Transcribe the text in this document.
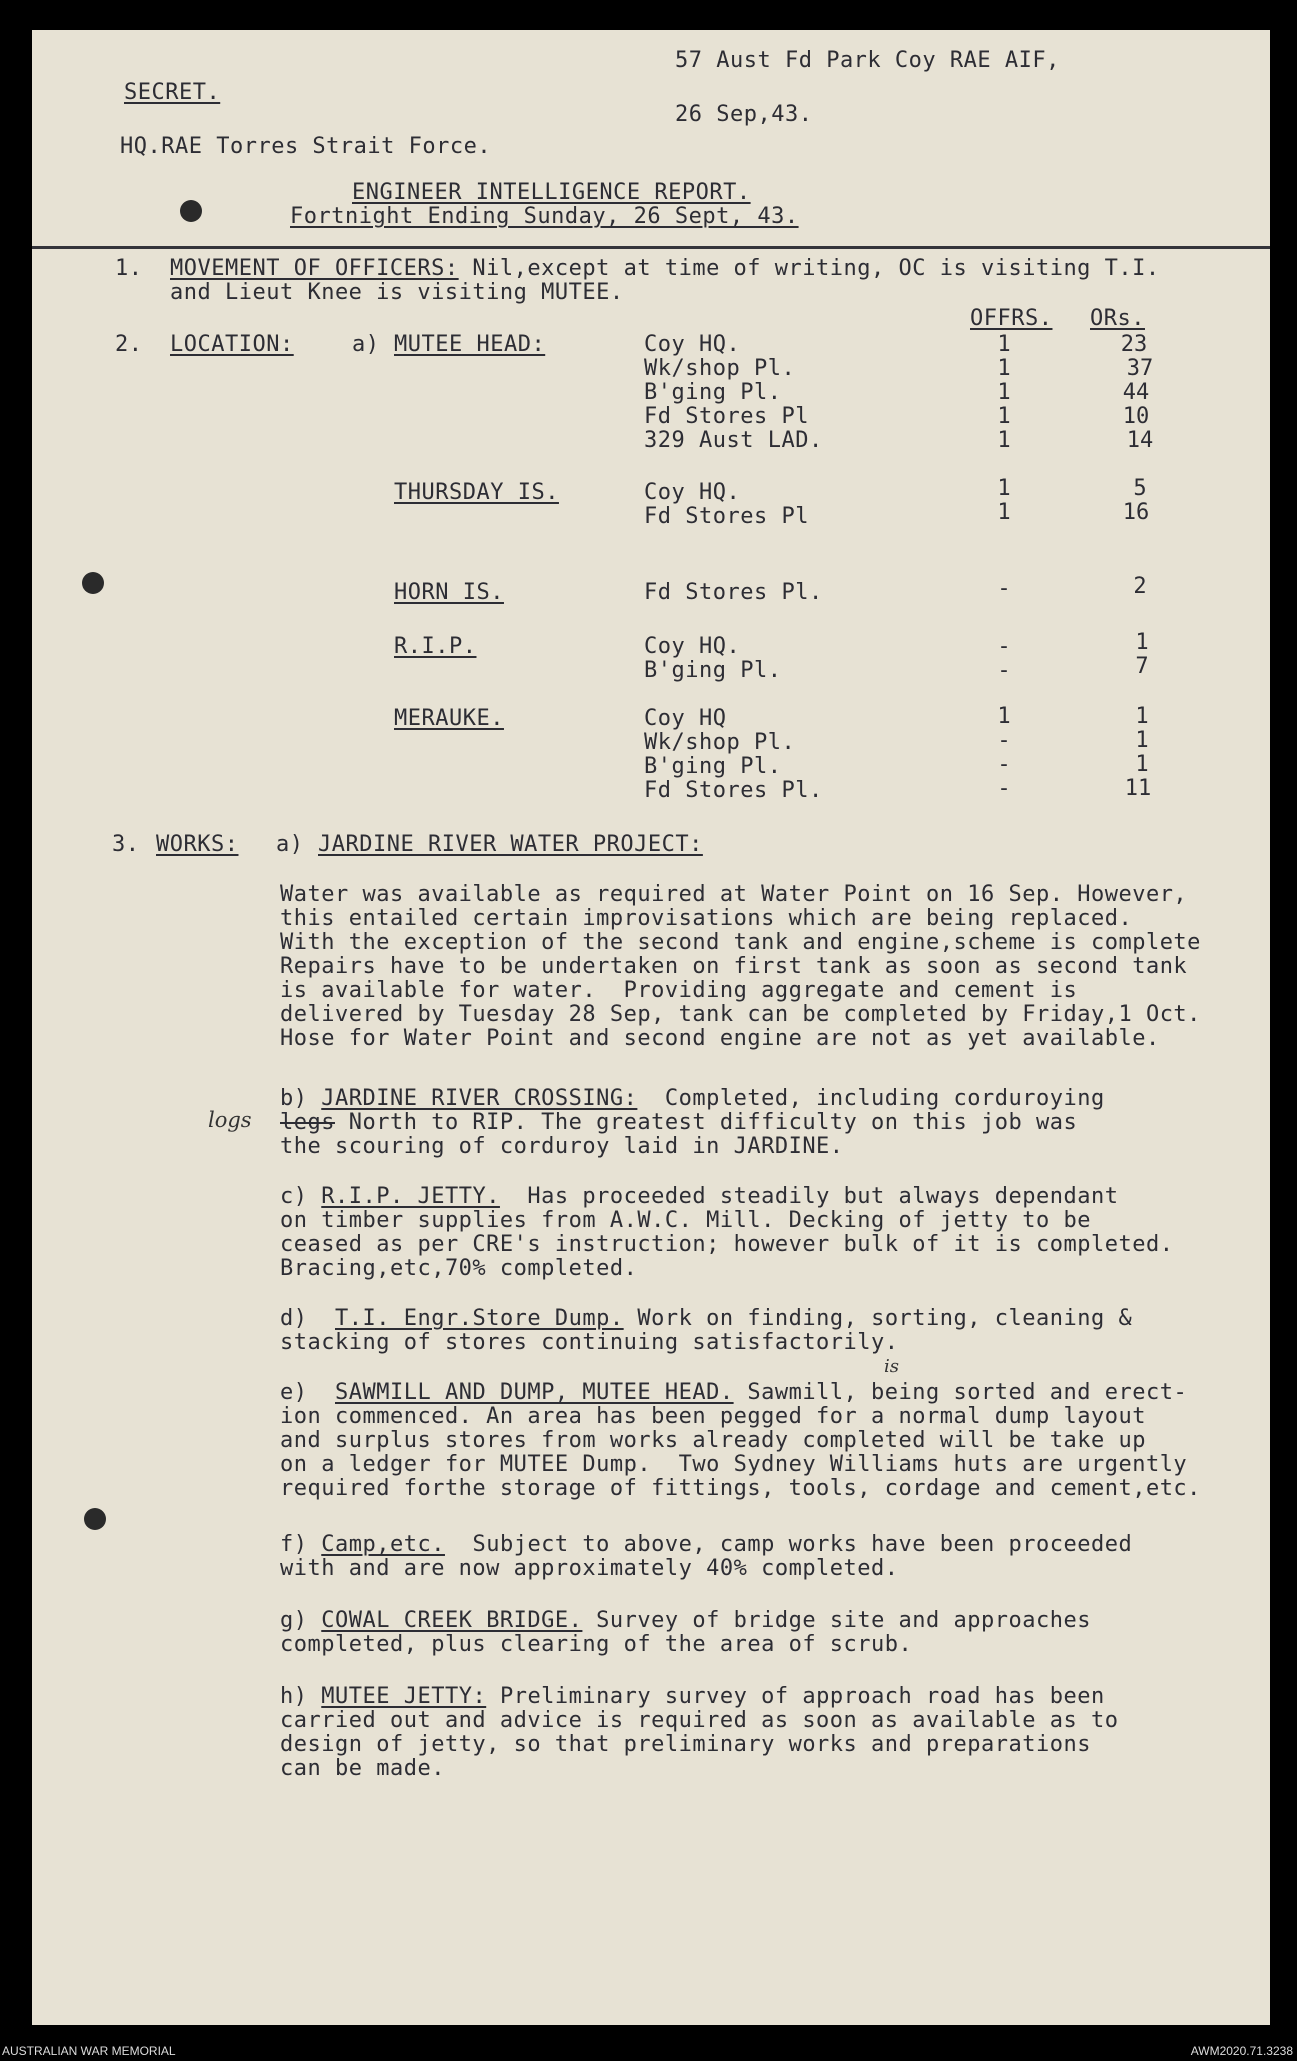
57 Aust Fd Park Coy RAE AIF,
SECRET.
26 Sep,43.
HQ.RAE Torres Strait Force.
ENGINEER INTELLIGENCE REPORT.
Fortnight Ending Sunday, 26 Sept, 43.
1. MOVEMENT OF OFFICERS: Nil,except at time of writing, OC is visiting T.I.
and Lieut Knee is visiting MUTEE.
2. LOCATION:
OFFRS. ORs.
a) MUTEE HEAD:	Coy HQ.	1	23
Wk/shop Pl.	1	37
B'ging Pl.	1	44
Fd Stores Pl	1	10
329 Aust LAD.	1	14
THURSDAY IS.	Coy HQ.	1	5
Fd Stores Pl	1	16
HORN IS.	Fd Stores Pl.	-	2
R.I.P.	Coy HQ.	-	1
B'ging Pl.	-	7
MERAUKE.	Coy HQ	1	1
Wk/shop Pl.	-	1
B'ging Pl.	-	1
Fd Stores Pl.	-	11
3. WORKS: a) JARDINE RIVER WATER PROJECT:
Water was available as required at Water Point on 16 Sep. However,
this entailed certain improvisations which are being replaced.
With the exception of the second tank and engine,scheme is complete
Repairs have to be undertaken on first tank as soon as second tank
is available for water.  Providing aggregate and cement is
delivered by Tuesday 28 Sep, tank can be completed by Friday,1 Oct.
Hose for Water Point and second engine are not as yet available.
b) JARDINE RIVER CROSSING:  Completed, including corduroying
logs legs North to RIP. The greatest difficulty on this job was
the scouring of corduroy laid in JARDINE.
c) R.I.P. JETTY.  Has proceeded steadily but always dependant
on timber supplies from A.W.C. Mill. Decking of jetty to be
ceased as per CRE's instruction; however bulk of it is completed.
Bracing,etc,70% completed.
d) T.I. Engr.Store Dump. Work on finding, sorting, cleaning &
stacking of stores continuing satisfactorily.
is
e) SAWMILL AND DUMP, MUTEE HEAD. Sawmill, being sorted and erect-
ion commenced. An area has been pegged for a normal dump layout
and surplus stores from works already completed will be take up
on a ledger for MUTEE Dump.  Two Sydney Williams huts are urgently
required forthe storage of fittings, tools, cordage and cement,etc.
f) Camp,etc.  Subject to above, camp works have been proceeded
with and are now approximately 40% completed.
g) COWAL CREEK BRIDGE. Survey of bridge site and approaches
completed, plus clearing of the area of scrub.
h) MUTEE JETTY: Preliminary survey of approach road has been
carried out and advice is required as soon as available as to
design of jetty, so that preliminary works and preparations
can be made.
AUSTRALIAN WAR MEMORIAL	AWM2020.71.3238
